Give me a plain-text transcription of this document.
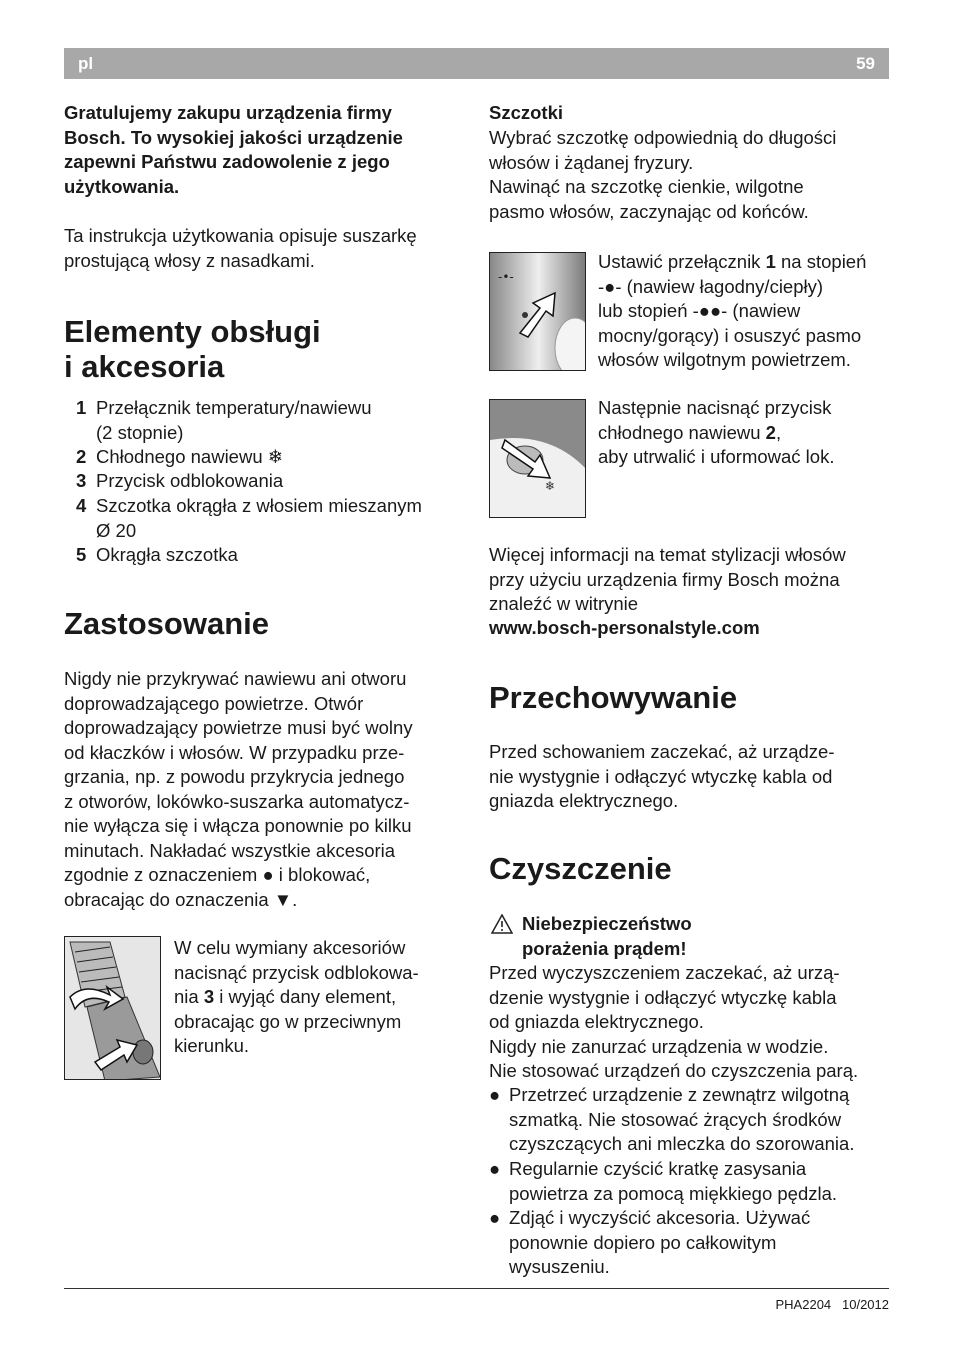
pl	59

Gratulujemy zakupu urządzenia firmy
Bosch. To wysokiej jakości urządzenie
zapewni Państwu zadowolenie z jego
użytkowania.

Ta instrukcja użytkowania opisuje suszarkę
prostującą włosy z nasadkami.

Elementy obsługi
i akcesoria
1 Przełącznik temperatury/nawiewu
(2 stopnie)
2 Chłodnego nawiewu ❄
3 Przycisk odblokowania
4 Szczotka okrągła z włosiem mieszanym
Ø 20
5 Okrągła szczotka
Zastosowanie

Nigdy nie przykrywać nawiewu ani otworu
doprowadzającego powietrze. Otwór
doprowadzający powietrze musi być wolny
od kłaczków i włosów. W przypadku prze-
grzania, np. z powodu przykrycia jednego
z otworów, lokówko-suszarka automatycz-
nie wyłącza się i włącza ponownie po kilku
minutach. Nakładać wszystkie akcesoria
zgodnie z oznaczeniem ● i blokować,
obracając do oznaczenia ▼.

W celu wymiany akcesoriów
nacisnąć przycisk odblokowa-
nia 3 i wyjąć dany element,
obracając go w przeciwnym
kierunku.

Szczotki

Wybrać szczotkę odpowiednią do długości
włosów i żądanej fryzury.
Nawinąć na szczotkę cienkie, wilgotne
pasmo włosów, zaczynając od końców.

-•-

Ustawić przełącznik 1 na stopień
-●- (nawiew łagodny/ciepły)
lub stopień -●●- (nawiew
mocny/gorący) i osuszyć pasmo
włosów wilgotnym powietrzem.

❄

Następnie nacisnąć przycisk
chłodnego nawiewu 2,
aby utrwalić i uformować lok.

Więcej informacji na temat stylizacji włosów
przy użyciu urządzenia firmy Bosch można
znaleźć w witrynie

www.bosch-personalstyle.com

Przechowywanie

Przed schowaniem zaczekać, aż urządze-
nie wystygnie i odłączyć wtyczkę kabla od
gniazda elektrycznego.

Czyszczenie

Niebezpieczeństwo
porażenia prądem!

Przed wyczyszczeniem zaczekać, aż urzą-
dzenie wystygnie i odłączyć wtyczkę kabla
od gniazda elektrycznego.
Nigdy nie zanurzać urządzenia w wodzie.
Nie stosować urządzeń do czyszczenia parą.

● Przetrzeć urządzenie z zewnątrz wilgotną
szmatką. Nie stosować żrących środków
czyszczących ani mleczka do szorowania.
● Regularnie czyścić kratkę zasysania
powietrza za pomocą miękkiego pędzla.
● Zdjąć i wyczyścić akcesoria. Używać
ponownie dopiero po całkowitym
wysuszeniu.
PHA2204 10/2012
